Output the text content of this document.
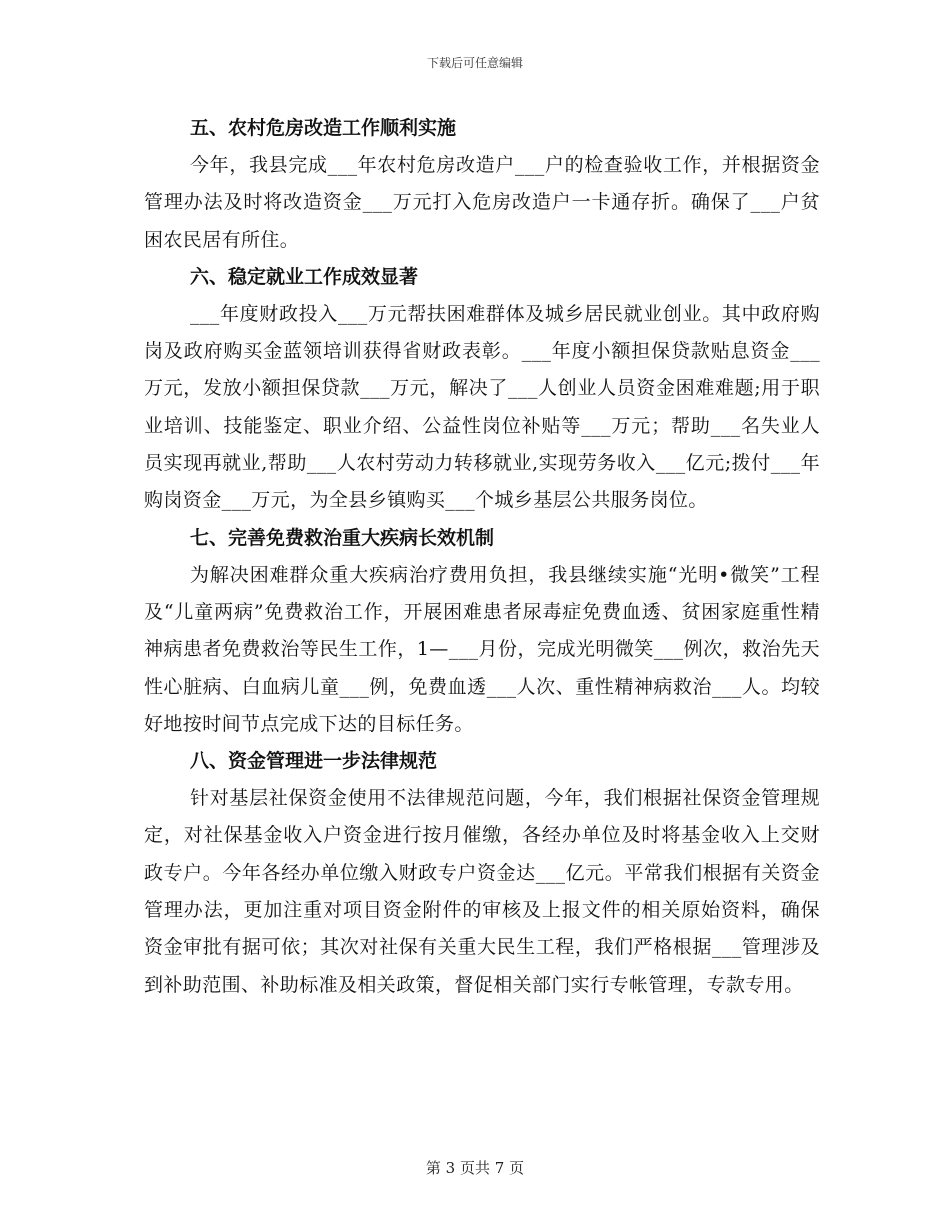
下载后可任意编辑
五、农村危房改造工作顺利实施

今年，我县完成___年农村危房改造户___户的检查验收工作，并根据资金管理办法及时将改造资金___万元打入危房改造户一卡通存折。确保了___户贫困农民居有所住。

六、稳定就业工作成效显著

___年度财政投入___万元帮扶困难群体及城乡居民就业创业。其中政府购岗及政府购买金蓝领培训获得省财政表彰。___年度小额担保贷款贴息资金___万元，发放小额担保贷款___万元，解决了___人创业人员资金困难难题;用于职业培训、技能鉴定、职业介绍、公益性岗位补贴等___万元；帮助___名失业人员实现再就业,帮助___人农村劳动力转移就业,实现劳务收入___亿元;拨付___年购岗资金___万元，为全县乡镇购买___个城乡基层公共服务岗位。

七、完善免费救治重大疾病长效机制

为解决困难群众重大疾病治疗费用负担，我县继续实施“光明•微笑”工程及“儿童两病”免费救治工作，开展困难患者尿毒症免费血透、贫困家庭重性精神病患者免费救治等民生工作，1—___月份，完成光明微笑___例次，救治先天性心脏病、白血病儿童___例，免费血透___人次、重性精神病救治___人。均较好地按时间节点完成下达的目标任务。

八、资金管理进一步法律规范

针对基层社保资金使用不法律规范问题，今年，我们根据社保资金管理规定，对社保基金收入户资金进行按月催缴，各经办单位及时将基金收入上交财政专户。今年各经办单位缴入财政专户资金达___亿元。平常我们根据有关资金管理办法，更加注重对项目资金附件的审核及上报文件的相关原始资料，确保资金审批有据可依；其次对社保有关重大民生工程，我们严格根据___管理涉及到补助范围、补助标准及相关政策，督促相关部门实行专帐管理，专款专用。

第 3 页共 7 页
